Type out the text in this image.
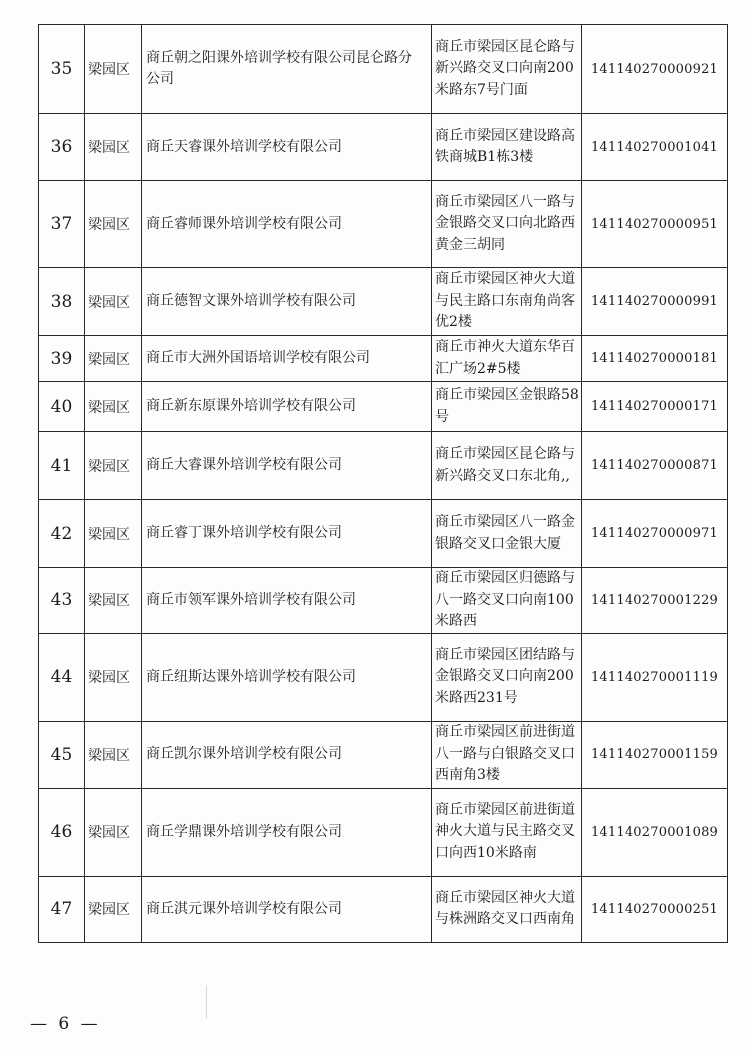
35	梁园区	商丘朝之阳课外培训学校有限公司昆仑路分公司	商丘市梁园区昆仑路与新兴路交叉口向南200米路东7号门面	141140270000921
36	梁园区	商丘天睿课外培训学校有限公司	商丘市梁园区建设路高铁商城B1栋3楼	141140270001041
37	梁园区	商丘睿师课外培训学校有限公司	商丘市梁园区八一路与金银路交叉口向北路西黄金三胡同	141140270000951
38	梁园区	商丘德智文课外培训学校有限公司	商丘市梁园区神火大道与民主路口东南角尚客优2楼	141140270000991
39	梁园区	商丘市大洲外国语培训学校有限公司	商丘市神火大道东华百汇广场2#5楼	141140270000181
40	梁园区	商丘新东原课外培训学校有限公司	商丘市梁园区金银路58号	141140270000171
41	梁园区	商丘大睿课外培训学校有限公司	商丘市梁园区昆仑路与新兴路交叉口东北角,,	141140270000871
42	梁园区	商丘睿丁课外培训学校有限公司	商丘市梁园区八一路金银路交叉口金银大厦	141140270000971
43	梁园区	商丘市领军课外培训学校有限公司	商丘市梁园区归德路与八一路交叉口向南100米路西	141140270001229
44	梁园区	商丘纽斯达课外培训学校有限公司	商丘市梁园区团结路与金银路交叉口向南200米路西231号	141140270001119
45	梁园区	商丘凯尔课外培训学校有限公司	商丘市梁园区前进街道八一路与白银路交叉口西南角3楼	141140270001159
46	梁园区	商丘学鼎课外培训学校有限公司	商丘市梁园区前进街道神火大道与民主路交叉口向西10米路南	141140270001089
47	梁园区	商丘淇元课外培训学校有限公司	商丘市梁园区神火大道与株洲路交叉口西南角	141140270000251
— 6 —
